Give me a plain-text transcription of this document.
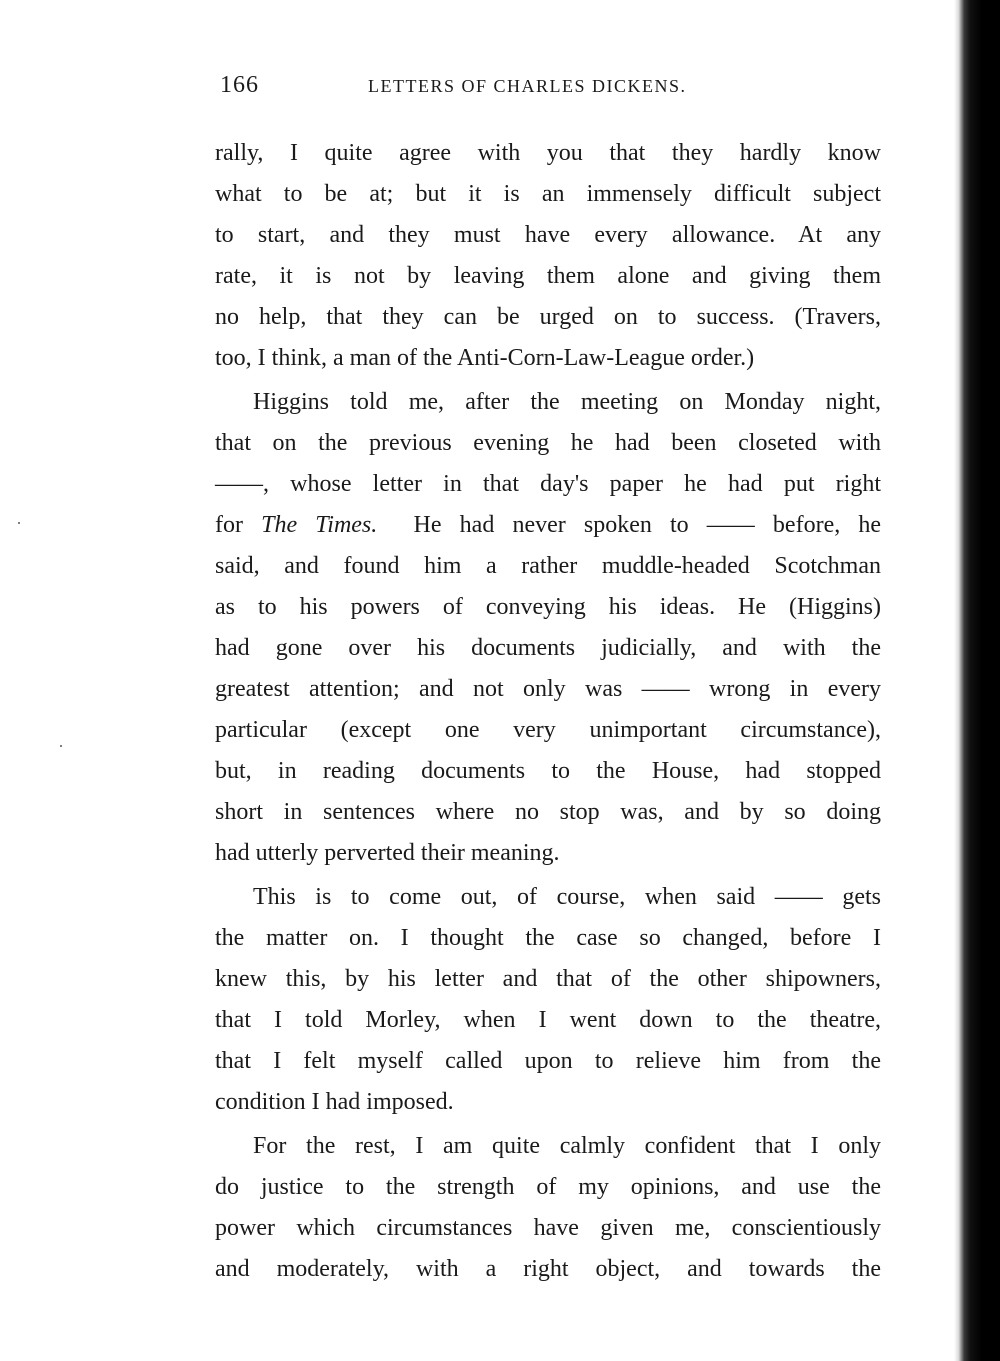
166	LETTERS OF CHARLES DICKENS.
rally, I quite agree with you that they hardly know
what to be at; but it is an immensely difficult subject
to start, and they must have every allowance. At any
rate, it is not by leaving them alone and giving them
no help, that they can be urged on to success. (Travers,
too, I think, a man of the Anti-Corn-Law-League order.)
Higgins told me, after the meeting on Monday night,
that on the previous evening he had been closeted with
——, whose letter in that day's paper he had put right
for The Times. He had never spoken to —— before, he
said, and found him a rather muddle-headed Scotchman
as to his powers of conveying his ideas. He (Higgins)
had gone over his documents judicially, and with the
greatest attention; and not only was —— wrong in every
particular (except one very unimportant circumstance),
but, in reading documents to the House, had stopped
short in sentences where no stop was, and by so doing
had utterly perverted their meaning.
This is to come out, of course, when said —— gets
the matter on. I thought the case so changed, before I
knew this, by his letter and that of the other shipowners,
that I told Morley, when I went down to the theatre,
that I felt myself called upon to relieve him from the
condition I had imposed.
For the rest, I am quite calmly confident that I only
do justice to the strength of my opinions, and use the
power which circumstances have given me, conscientiously
and moderately, with a right object, and towards the
